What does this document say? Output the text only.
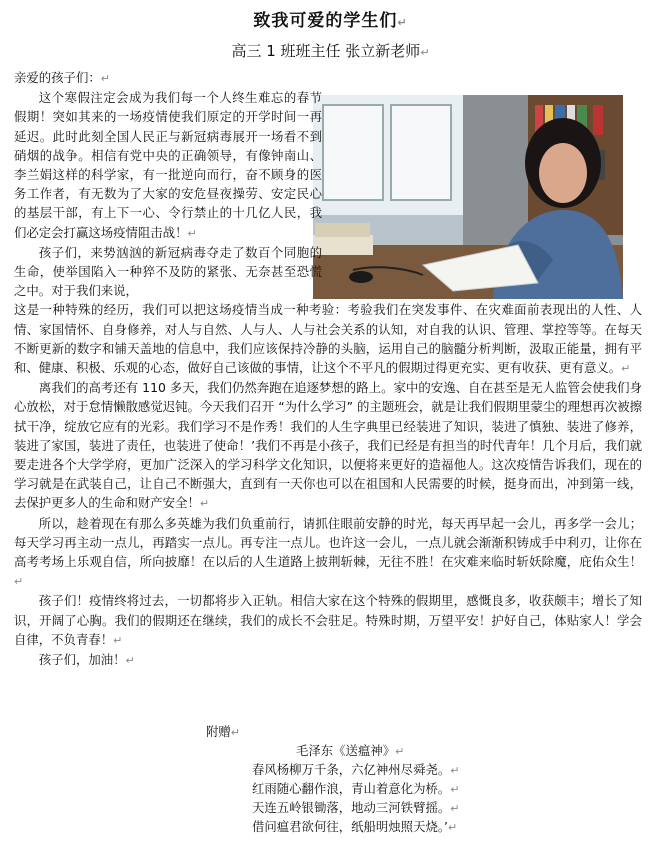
致我可爱的学生们↵
高三 1 班班主任 张立新老师↵

亲爱的孩子们：↵

这个寒假注定会成为我们每一个人终生难忘的春节假期！突如其来的一场疫情使我们原定的开学时间一再延迟。此时此刻全国人民正与新冠病毒展开一场看不到硝烟的战争。相信有党中央的正确领导，有像钟南山、李兰娟这样的科学家，有一批逆向而行，奋不顾身的医务工作者，有无数为了大家的安危昼夜操劳、安定民心的基层干部，有上下一心、令行禁止的十几亿人民，我们必定会打赢这场疫情阻击战！↵

孩子们，来势汹汹的新冠病毒夺走了数百个同胞的生命，使举国陷入一种猝不及防的紧张、无奈甚至恐慌之中。对于我们来说，

这是一种特殊的经历，我们可以把这场疫情当成一种考验：考验我们在突发事件、在灾难面前表现出的人性、人情、家国情怀、自身修养，对人与自然、人与人、人与社会关系的认知，对自我的认识、管理、掌控等等。在每天不断更新的数字和铺天盖地的信息中，我们应该保持冷静的头脑，运用自己的脑髓分析判断，汲取正能量，拥有平和、健康、积极、乐观的心态，做好自己该做的事情，让这个不平凡的假期过得更充实、更有收获、更有意义。↵

离我们的高考还有 110 多天，我们仍然奔跑在追逐梦想的路上。家中的安逸、自在甚至是无人监管会使我们身心放松，对于怠情懒散感觉迟钝。今天我们召开 “为什么学习” 的主题班会，就是让我们假期里蒙尘的理想再次被擦拭干净，绽放它应有的光彩。我们学习不是作秀！我们的人生字典里已经装进了知识，装进了慎独、装进了修养，装进了家国，装进了责任，也装进了使命！’我们不再是小孩子，我们已经是有担当的时代青年！几个月后，我们就要走进各个大学学府，更加广泛深入的学习科学文化知识，以便将来更好的造福他人。这次疫情告诉我们，现在的学习就是在武装自己，让自己不断强大，直到有一天你也可以在祖国和人民需要的时候，挺身而出，冲到第一线，去保护更多人的生命和财产安全！↵

所以，趁着现在有那么多英雄为我们负重前行，请抓住眼前安静的时光，每天再早起一会儿，再多学一会儿；每天学习再主动一点儿，再踏实一点儿。再专注一点儿。也许这一会儿，一点儿就会渐渐积铸成手中利刃，让你在高考考场上乐观自信，所向披靡！在以后的人生道路上披荆斩棘，无往不胜！在灾难来临时斩妖除魔，庇佑众生！↵

孩子们！疫情终将过去，一切都将步入正轨。相信大家在这个特殊的假期里，感慨良多，收获颇丰；增长了知识，开阔了心胸。我们的假期还在继续，我们的成长不会驻足。特殊时期，万望平安！护好自己，体贴家人！学会自律，不负青春！↵

孩子们，加油！↵

附赠↵
毛泽东《送瘟神》↵
春风杨柳万千条，六亿神州尽舜尧。↵
红雨随心翻作浪，青山着意化为桥。↵
天连五岭银锄落，地动三河铁臂摇。↵
借问瘟君欲何往，纸船明烛照天烧。’↵
